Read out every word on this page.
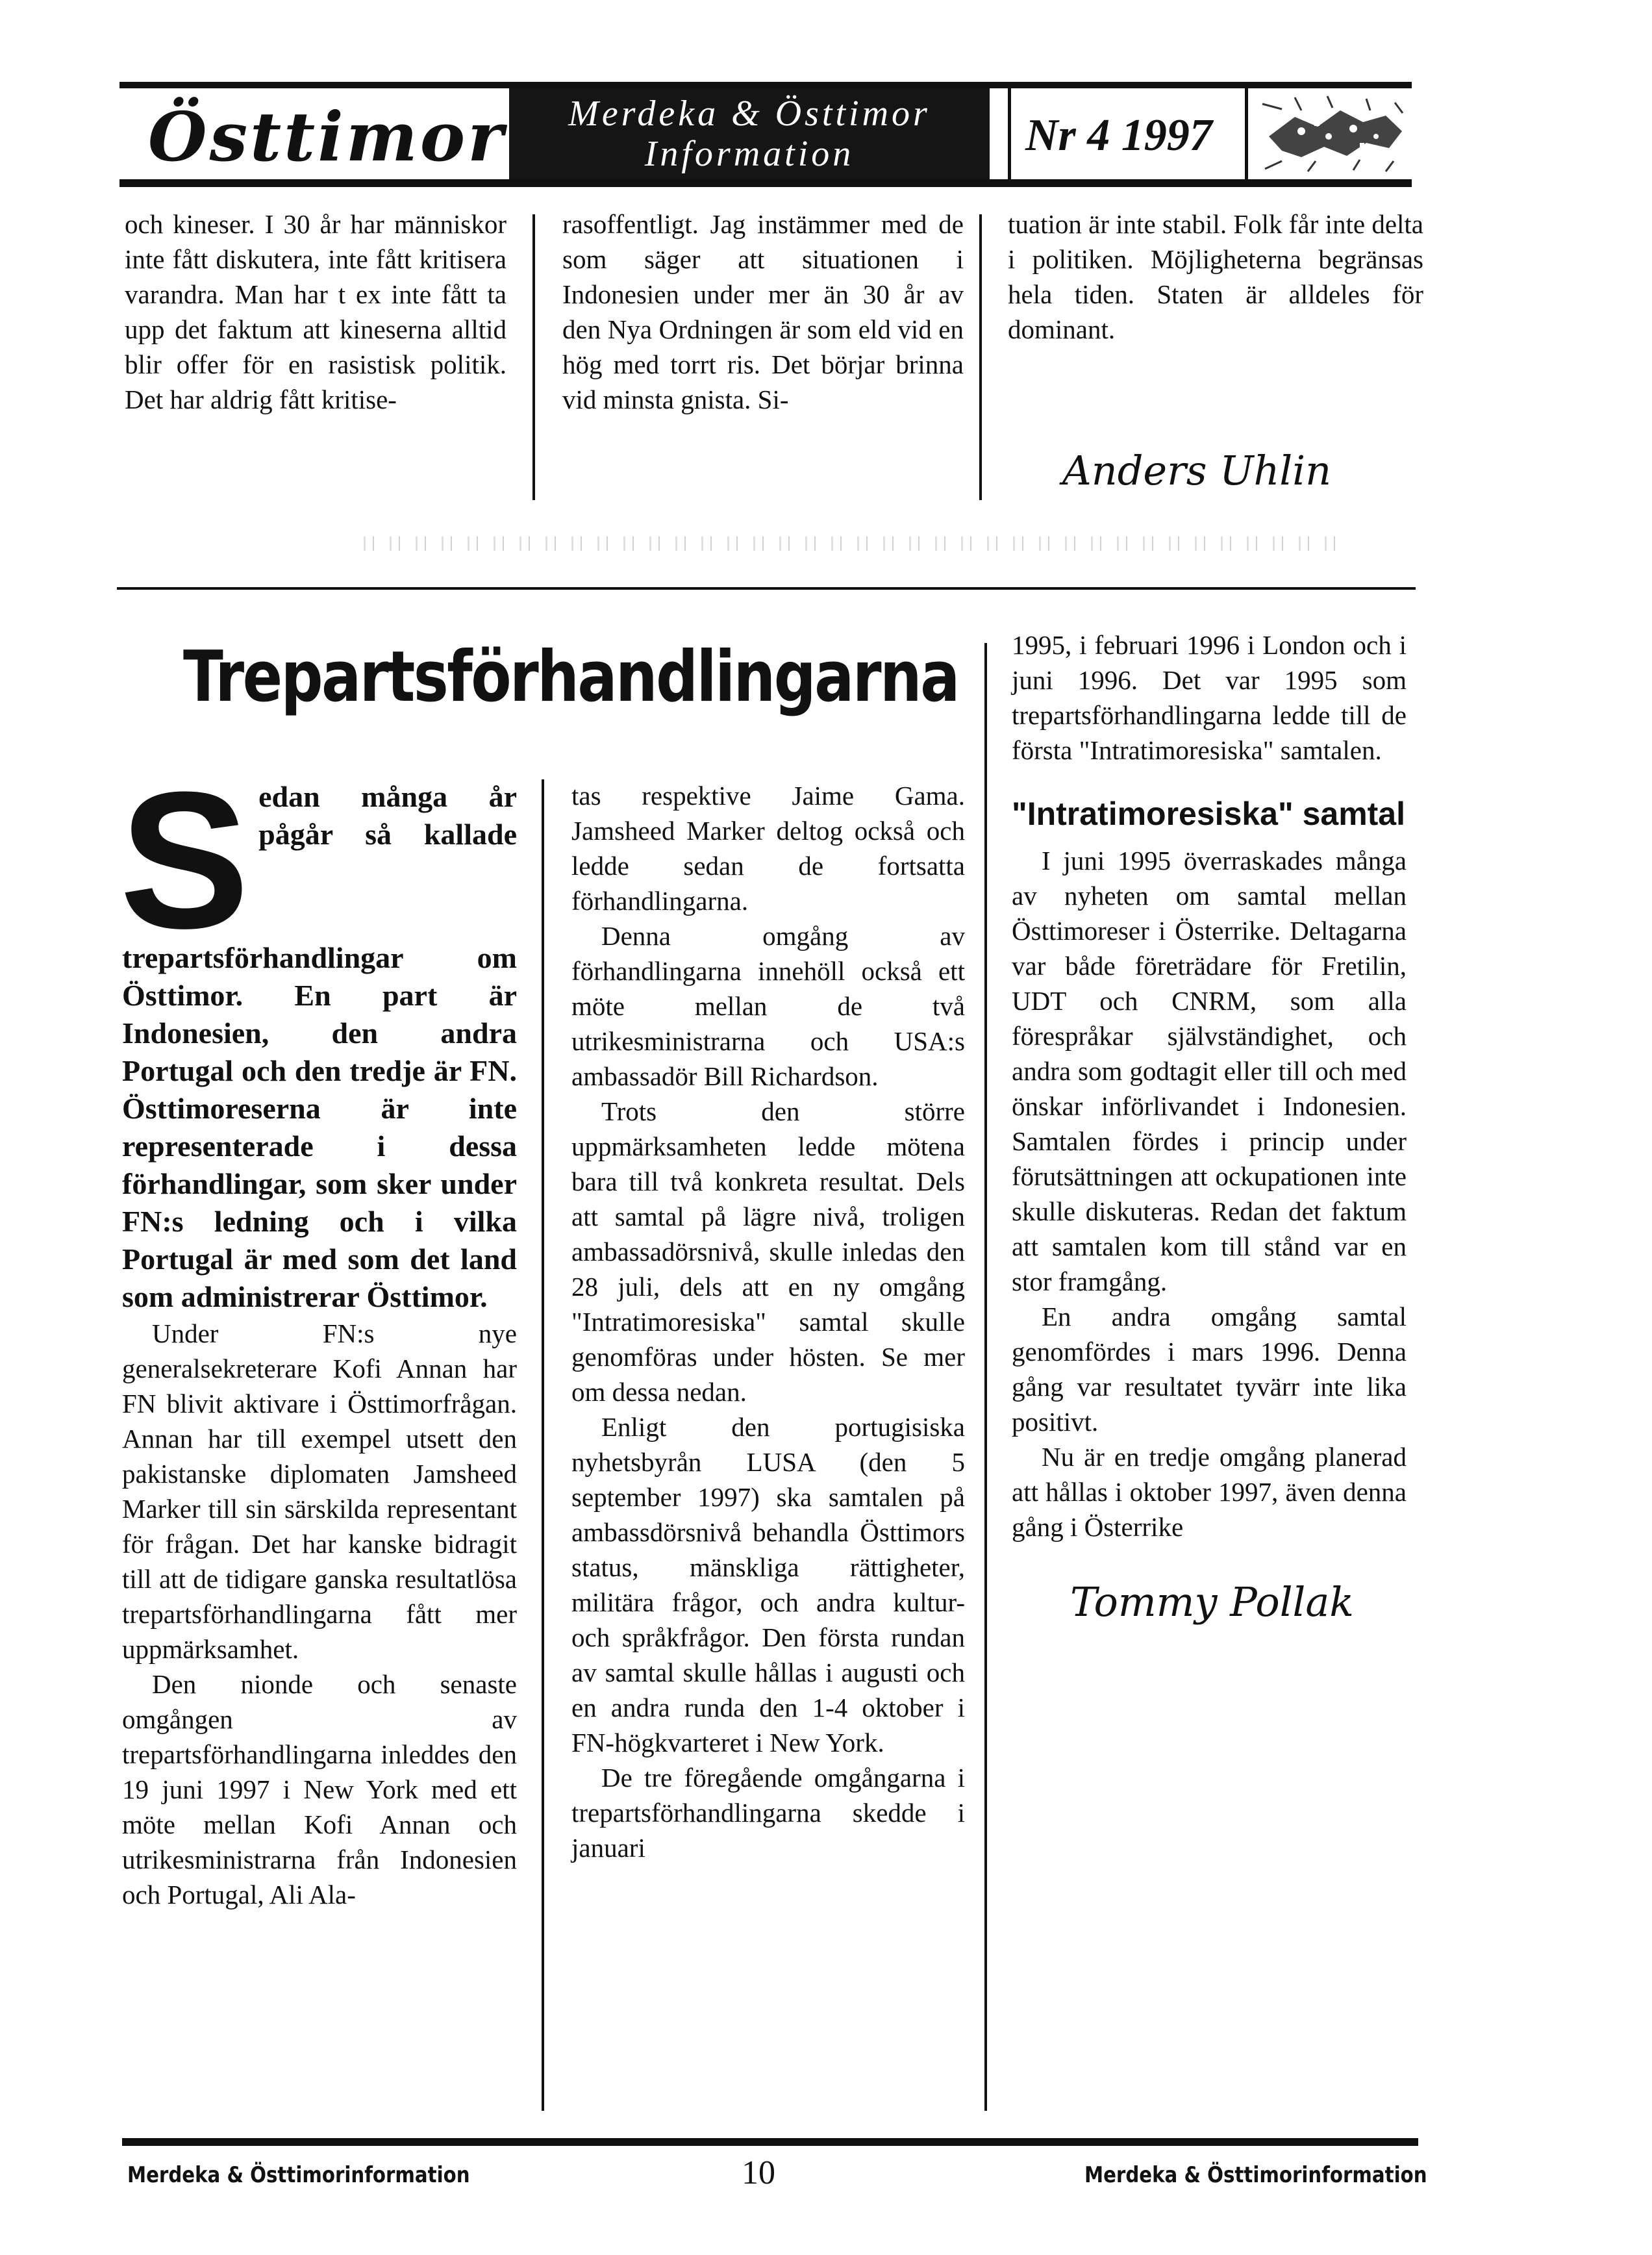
Östtimor	Merdeka & Östtimor
Information	Nr 4 1997

och kineser. I 30 år har människor inte fått diskutera, inte fått kritisera varandra. Man har t ex inte fått ta upp det faktum att kineserna alltid blir offer för en rasistisk politik. Det har aldrig fått kritise-

rasoffentligt. Jag instämmer med de som säger att situationen i Indonesien under mer än 30 år av den Nya Ordningen är som eld vid en hög med torrt ris. Det börjar brinna vid minsta gnista. Si-

tuation är inte stabil. Folk får inte delta i politiken. Möjligheterna begränsas hela tiden. Staten är alldeles för dominant.

Anders Uhlin
Trepartsförhandlingarna

Sedan många år pågår så kallade trepartsförhandlingar om Östtimor. En part är Indonesien, den andra Portugal och den tredje är FN. Östtimoreserna är inte representerade i dessa förhandlingar, som sker under FN:s ledning och i vilka Portugal är med som det land som administrerar Östtimor.

Under FN:s nye generalsekreterare Kofi Annan har FN blivit aktivare i Östtimorfrågan. Annan har till exempel utsett den pakistanske diplomaten Jamsheed Marker till sin särskilda representant för frågan. Det har kanske bidragit till att de tidigare ganska resultatlösa trepartsförhandlingarna fått mer uppmärksamhet.

Den nionde och senaste omgången av trepartsförhandlingarna inleddes den 19 juni 1997 i New York med ett möte mellan Kofi Annan och utrikesministrarna från Indonesien och Portugal, Ali Ala-

tas respektive Jaime Gama. Jamsheed Marker deltog också och ledde sedan de fortsatta förhandlingarna.

Denna omgång av förhandlingarna innehöll också ett möte mellan de två utrikesministrarna och USA:s ambassadör Bill Richardson.

Trots den större uppmärksamheten ledde mötena bara till två konkreta resultat. Dels att samtal på lägre nivå, troligen ambassadörsnivå, skulle inledas den 28 juli, dels att en ny omgång "Intratimoresiska" samtal skulle genomföras under hösten. Se mer om dessa nedan.

Enligt den portugisiska nyhetsbyrån LUSA (den 5 september 1997) ska samtalen på ambassdörsnivå behandla Östtimors status, mänskliga rättigheter, militära frågor, och andra kultur- och språkfrågor. Den första rundan av samtal skulle hållas i augusti och en andra runda den 1-4 oktober i FN-högkvarteret i New York.

De tre föregående omgångarna i trepartsförhandlingarna skedde i januari

1995, i februari 1996 i London och i juni 1996. Det var 1995 som trepartsförhandlingarna ledde till de första "Intratimoresiska" samtalen.

"Intratimoresiska" samtal

I juni 1995 överraskades många av nyheten om samtal mellan Östtimoreser i Österrike. Deltagarna var både företrädare för Fretilin, UDT och CNRM, som alla förespråkar självständighet, och andra som godtagit eller till och med önskar införlivandet i Indonesien. Samtalen fördes i princip under förutsättningen att ockupationen inte skulle diskuteras. Redan det faktum att samtalen kom till stånd var en stor framgång.

En andra omgång samtal genomfördes i mars 1996. Denna gång var resultatet tyvärr inte lika positivt.

Nu är en tredje omgång planerad att hållas i oktober 1997, även denna gång i Österrike

Tommy Pollak
Merdeka & Östtimorinformation	10	Merdeka & Östtimorinformation
